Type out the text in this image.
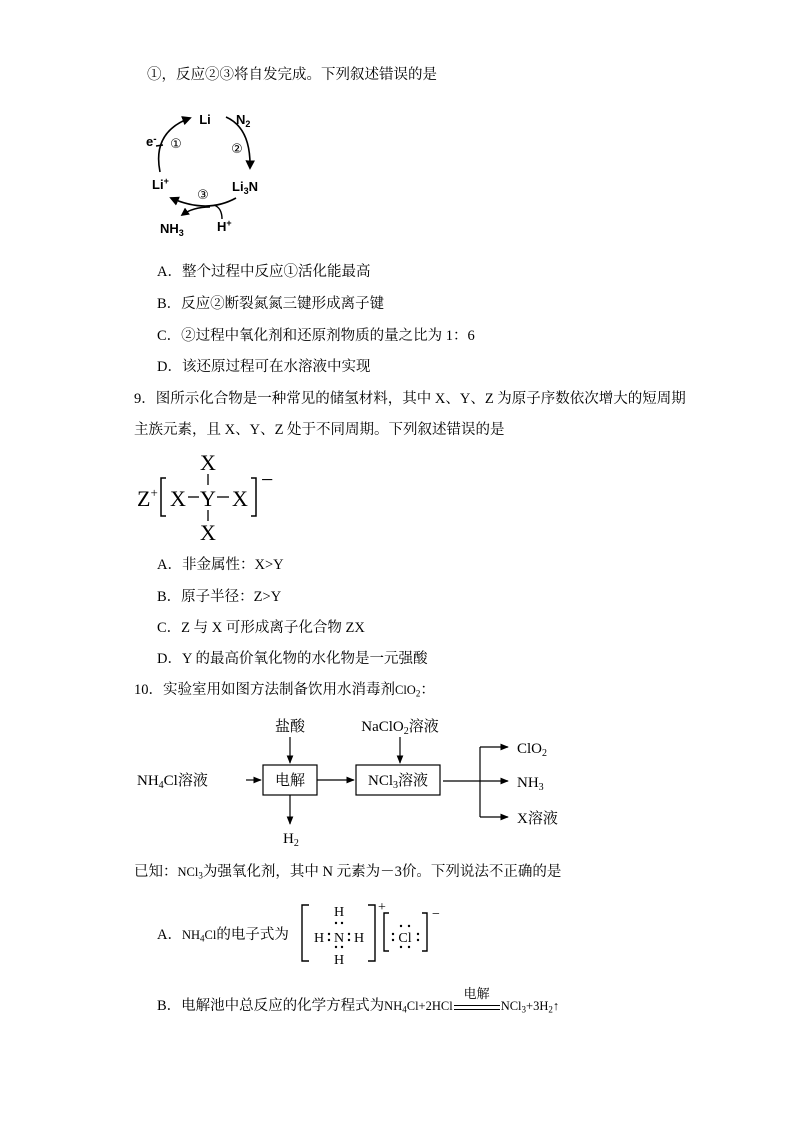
①，反应②③将自发完成。下列叙述错误的是
Li $N_2$
②
$Li_3N$
③
Li+
①
e-
$NH_3$	H+
A．整个过程中反应①活化能最高
B．反应②断裂氮氮三键形成离子键
C．②过程中氧化剂和还原剂物质的量之比为 1：6
D．该还原过程可在水溶液中实现
9．图所示化合物是一种常见的储氢材料，其中 X、Y、Z 为原子序数依次增大的短周期
主族元素，且 X、Y、Z 处于不同周期。下列叙述错误的是
Z+ X Y X
−
X
X
A．非金属性：X>Y
B．原子半径：Z>Y
C．Z 与 X 可形成离子化合物 ZX
D．Y 的最高价氧化物的水化物是一元强酸
10．实验室用如图方法制备饮用水消毒剂ClO$_2$：
盐酸	NaClO$_2$溶液
$NH_4Cl$溶液	电解	NCl$_3$溶液
ClO$_2$
$NH_3$
X溶液
$H_2$
已知：NCl$_3$为强氧化剂，其中 N 元素为－3价。下列说法不正确的是
A．$NH_4Cl$的电子式为
H
H N H
H
+
Cl
−
B．电解池中总反应的化学方程式为$NH_4Cl+2HCl$
电解
$NCl_3+3H_2↑$
